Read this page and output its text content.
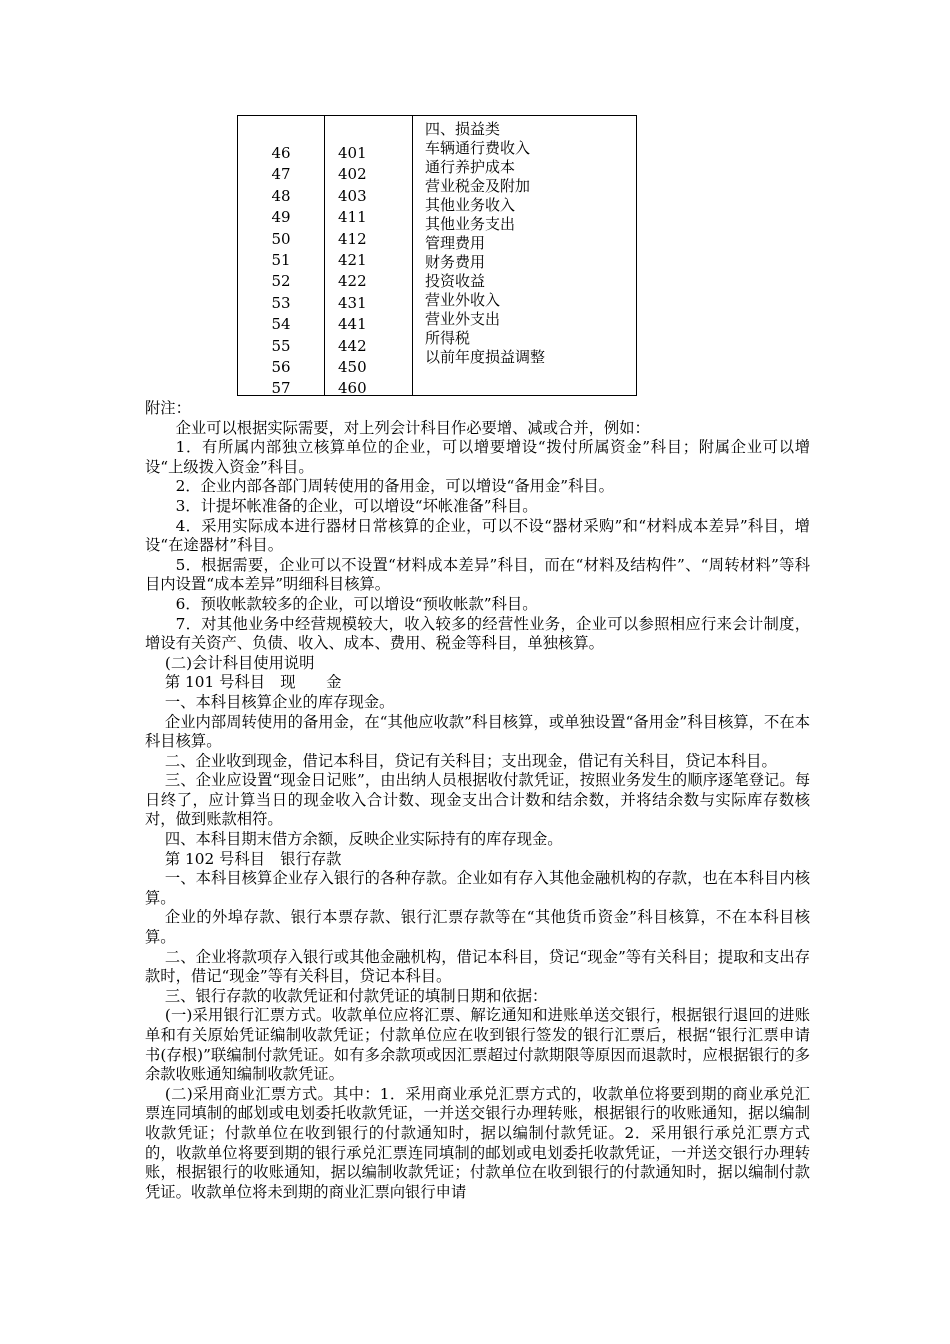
46
47
48
49
50
51
52
53
54
55
56
57
401
402
403
411
412
421
422
431
441
442
450
460
四、损益类
车辆通行费收入
通行养护成本
营业税金及附加
其他业务收入
其他业务支出
管理费用
财务费用
投资收益
营业外收入
营业外支出
所得税
以前年度损益调整

附注：

企业可以根据实际需要，对上列会计科目作必要增、减或合并，例如：

1．有所属内部独立核算单位的企业，可以增要增设“拨付所属资金”科目；附属企业可以增设“上级拨入资金”科目。

2．企业内部各部门周转使用的备用金，可以增设“备用金”科目。

3．计提坏帐准备的企业，可以增设“坏帐准备”科目。

4．采用实际成本进行器材日常核算的企业，可以不设“器材采购”和“材料成本差异”科目，增设“在途器材”科目。

5．根据需要，企业可以不设置“材料成本差异”科目，而在“材料及结构件”、“周转材料”等科目内设置“成本差异”明细科目核算。

6．预收帐款较多的企业，可以增设“预收帐款”科目。

7．对其他业务中经营规模较大，收入较多的经营性业务，企业可以参照相应行来会计制度，增设有关资产、负债、收入、成本、费用、税金等科目，单独核算。

(二)会计科目使用说明

第 101 号科目　现　　金

一、本科目核算企业的库存现金。

企业内部周转使用的备用金，在“其他应收款”科目核算，或单独设置“备用金”科目核算，不在本科目核算。

二、企业收到现金，借记本科目，贷记有关科目；支出现金，借记有关科目，贷记本科目。

三、企业应设置“现金日记账”，由出纳人员根据收付款凭证，按照业务发生的顺序逐笔登记。每日终了，应计算当日的现金收入合计数、现金支出合计数和结余数，并将结余数与实际库存数核对，做到账款相符。

四、本科目期末借方余额，反映企业实际持有的库存现金。

第 102 号科目　银行存款

一、本科目核算企业存入银行的各种存款。企业如有存入其他金融机构的存款，也在本科目内核算。

企业的外埠存款、银行本票存款、银行汇票存款等在“其他货币资金”科目核算，不在本科目核算。

二、企业将款项存入银行或其他金融机构，借记本科目，贷记“现金”等有关科目；提取和支出存款时，借记“现金”等有关科目，贷记本科目。

三、银行存款的收款凭证和付款凭证的填制日期和依据：

(一)采用银行汇票方式。收款单位应将汇票、解讫通知和进账单送交银行，根据银行退回的进账单和有关原始凭证编制收款凭证；付款单位应在收到银行签发的银行汇票后，根据“银行汇票申请书(存根)”联编制付款凭证。如有多余款项或因汇票超过付款期限等原因而退款时，应根据银行的多余款收账通知编制收款凭证。

(二)采用商业汇票方式。其中：1．采用商业承兑汇票方式的，收款单位将要到期的商业承兑汇票连同填制的邮划或电划委托收款凭证，一并送交银行办理转账，根据银行的收账通知，据以编制收款凭证；付款单位在收到银行的付款通知时，据以编制付款凭证。2．采用银行承兑汇票方式的，收款单位将要到期的银行承兑汇票连同填制的邮划或电划委托收款凭证，一并送交银行办理转账，根据银行的收账通知，据以编制收款凭证；付款单位在收到银行的付款通知时，据以编制付款凭证。收款单位将未到期的商业汇票向银行申请
